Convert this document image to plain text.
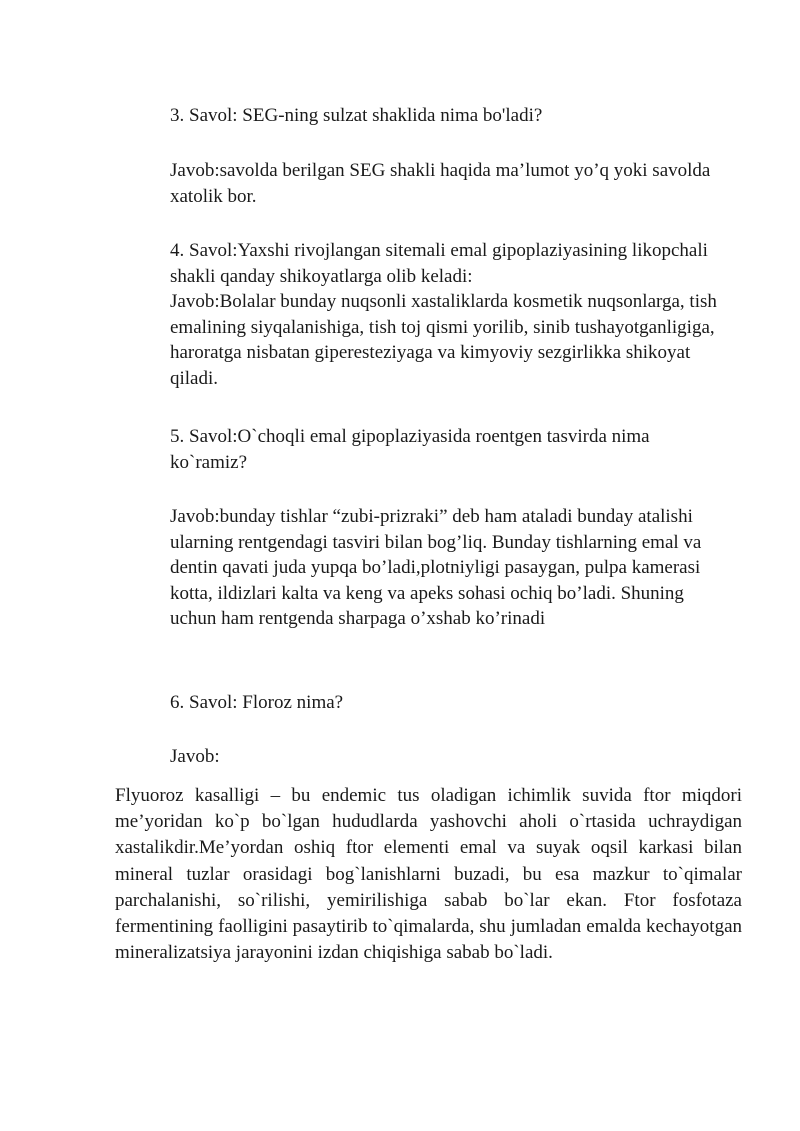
3. Savol: SEG-ning sulzat shaklida nima bo'ladi?

Javob:savolda berilgan SEG shakli haqida ma’lumot yo’q yoki savolda xatolik bor.

4. Savol:Yaxshi rivojlangan sitemali emal gipoplaziyasining likopchali shakli qanday shikoyatlarga olib keladi:

Javob:Bolalar bunday nuqsonli xastaliklarda kosmetik nuqsonlarga, tish emalining siyqalanishiga, tish toj qismi yorilib, sinib tushayotganligiga, haroratga nisbatan giperesteziyaga va kimyoviy sezgirlikka shikoyat qiladi.

5. Savol:O`choqli emal gipoplaziyasida roentgen tasvirda nima ko`ramiz?

Javob:bunday tishlar “zubi-prizraki” deb ham ataladi bunday atalishi ularning rentgendagi tasviri bilan bog’liq. Bunday tishlarning emal va dentin qavati juda yupqa bo’ladi,plotniyligi pasaygan, pulpa kamerasi kotta, ildizlari kalta va keng va apeks sohasi ochiq bo’ladi. Shuning uchun ham rentgenda sharpaga o’xshab ko’rinadi

6. Savol: Floroz nima?

Javob:

Flyuoroz kasalligi – bu endemic tus oladigan ichimlik suvida ftor miqdori me’yoridan ko`p bo`lgan hududlarda yashovchi aholi o`rtasida uchraydigan xastalikdir.Me’yordan oshiq ftor elementi emal va suyak oqsil karkasi bilan mineral tuzlar orasidagi bog`lanishlarni buzadi, bu esa mazkur to`qimalar parchalanishi, so`rilishi, yemirilishiga sabab bo`lar ekan. Ftor fosfotaza fermentining faolligini pasaytirib to`qimalarda, shu jumladan emalda kechayotgan mineralizatsiya jarayonini izdan chiqishiga sabab bo`ladi.
